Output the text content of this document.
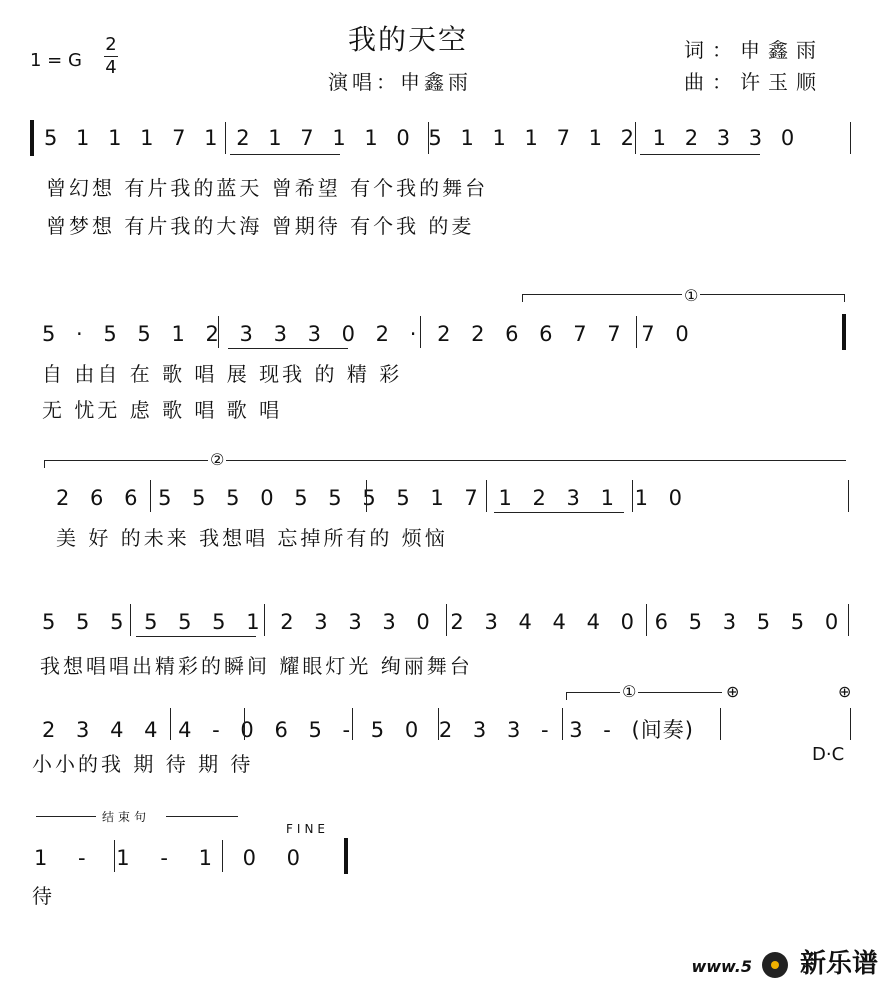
我的天空
演唱：申鑫雨
1 = G
2
4
词：申鑫雨
曲：许玉顺
5 1 1 1 7 1 2 1 7 1 1 0 5 1 1 1 7 1 2 1 2 3 3 0
曾幻想 有片我的蓝天 曾希望 有个我的舞台
曾梦想 有片我的大海 曾期待 有个我 的麦
①
5 · 5 5 1 2 3 3 3 0 2 · 2 2 6 6 7 7 7 0
自 由自 在 歌 唱 展 现我 的 精 彩
无 忧无 虑 歌 唱 歌 唱
②
2 6 6 5 5 5 0 5 5 5 5 1 7 1 2 3 1 1 0
美 好 的未来 我想唱 忘掉所有的 烦恼
5 5 5 5 5 5 1 2 3 3 3 0 2 3 4 4 4 0 6 5 3 5 5 0
我想唱唱出精彩的瞬间 耀眼灯光 绚丽舞台
①	⊕	⊕
2 3 4 4 4 - 0 6 5 - 5 0 2 3 3 - 3 - (间奏)
小小的我 期 待 期 待	D·C
结束句
FINE
1 - 1 - 1 0 0
待
www.5 新乐谱
